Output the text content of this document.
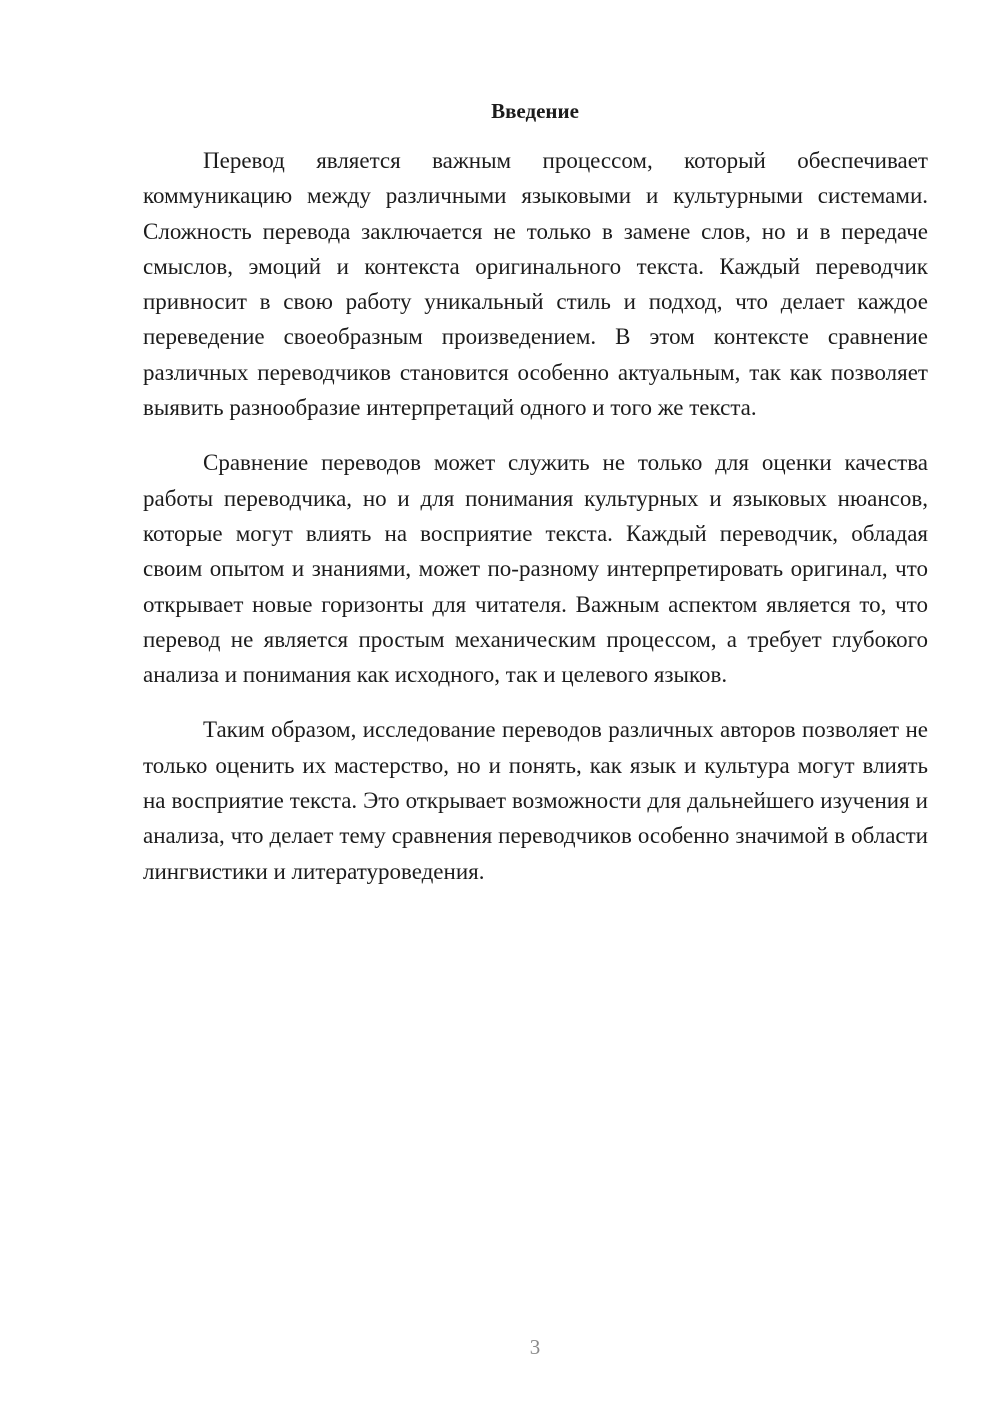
Введение

Перевод является важным процессом, который обеспечивает коммуникацию между различными языковыми и культурными системами. Сложность перевода заключается не только в замене слов, но и в передаче смыслов, эмоций и контекста оригинального текста. Каждый переводчик привносит в свою работу уникальный стиль и подход, что делает каждое переведение своеобразным произведением. В этом контексте сравнение различных переводчиков становится особенно актуальным, так как позволяет выявить разнообразие интерпретаций одного и того же текста.

Сравнение переводов может служить не только для оценки качества работы переводчика, но и для понимания культурных и языковых нюансов, которые могут влиять на восприятие текста. Каждый переводчик, обладая своим опытом и знаниями, может по-разному интерпретировать оригинал, что открывает новые горизонты для читателя. Важным аспектом является то, что перевод не является простым механическим процессом, а требует глубокого анализа и понимания как исходного, так и целевого языков.

Таким образом, исследование переводов различных авторов позволяет не только оценить их мастерство, но и понять, как язык и культура могут влиять на восприятие текста. Это открывает возможности для дальнейшего изучения и анализа, что делает тему сравнения переводчиков особенно значимой в области лингвистики и литературоведения.

3
